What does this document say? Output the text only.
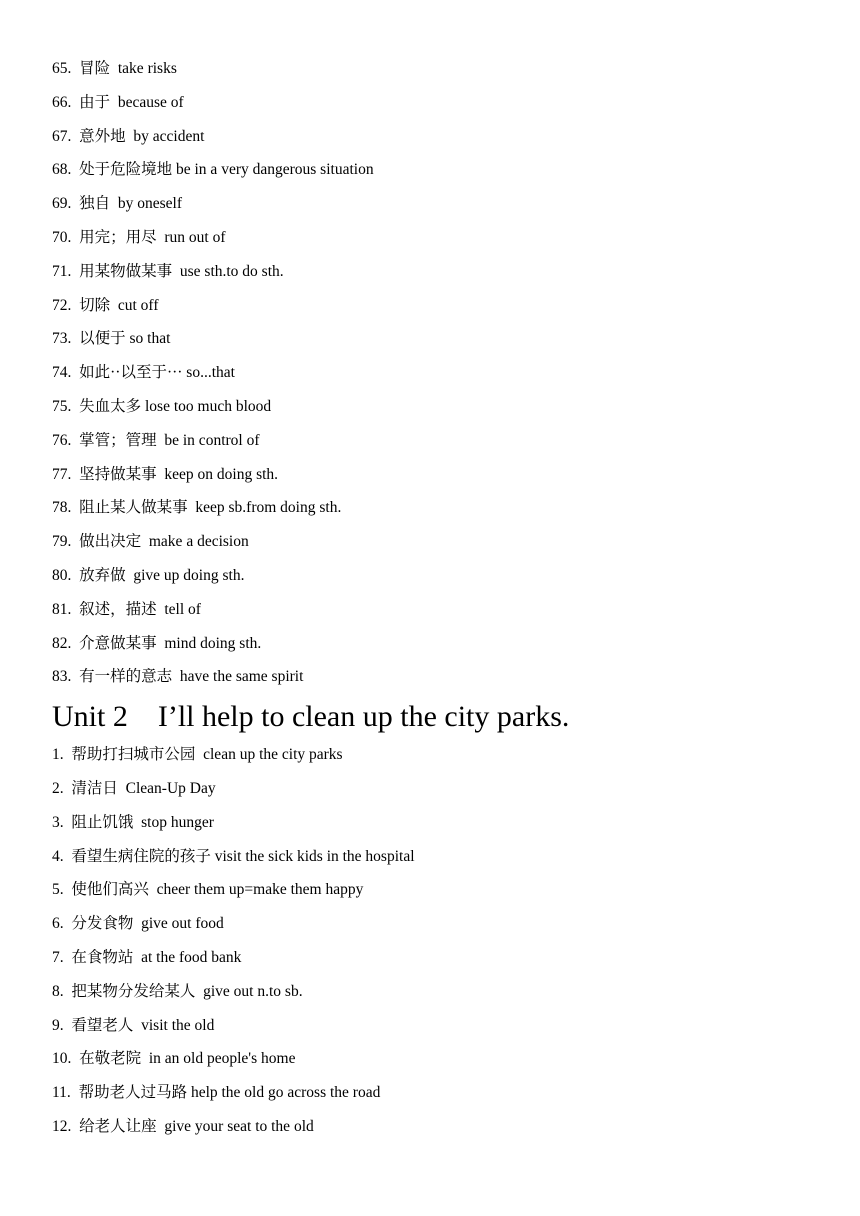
65. 冒险  take risks
66. 由于  because of
67. 意外地  by accident
68. 处于危险境地 be in a very dangerous situation
69. 独自  by oneself
70. 用完；用尽  run out of
71. 用某物做某事  use sth.to do sth.
72. 切除  cut off
73. 以便于 so that
74. 如此··以至于··· so...that
75. 失血太多 lose too much blood
76. 掌管；管理  be in control of
77. 坚持做某事  keep on doing sth.
78. 阻止某人做某事  keep sb.from doing sth.
79. 做出决定  make a decision
80. 放弃做  give up doing sth.
81. 叙述，描述  tell of
82. 介意做某事  mind doing sth.
83. 有一样的意志  have the same spirit
Unit 2    I’ll help to clean up the city parks.
1. 帮助打扫城市公园  clean up the city parks
2. 清洁日  Clean-Up Day
3. 阻止饥饿  stop hunger
4. 看望生病住院的孩子 visit the sick kids in the hospital
5. 使他们高兴  cheer them up=make them happy
6. 分发食物  give out food
7. 在食物站  at the food bank
8. 把某物分发给某人  give out n.to sb.
9. 看望老人  visit the old
10. 在敬老院  in an old people's home
11. 帮助老人过马路 help the old go across the road
12. 给老人让座  give your seat to the old
